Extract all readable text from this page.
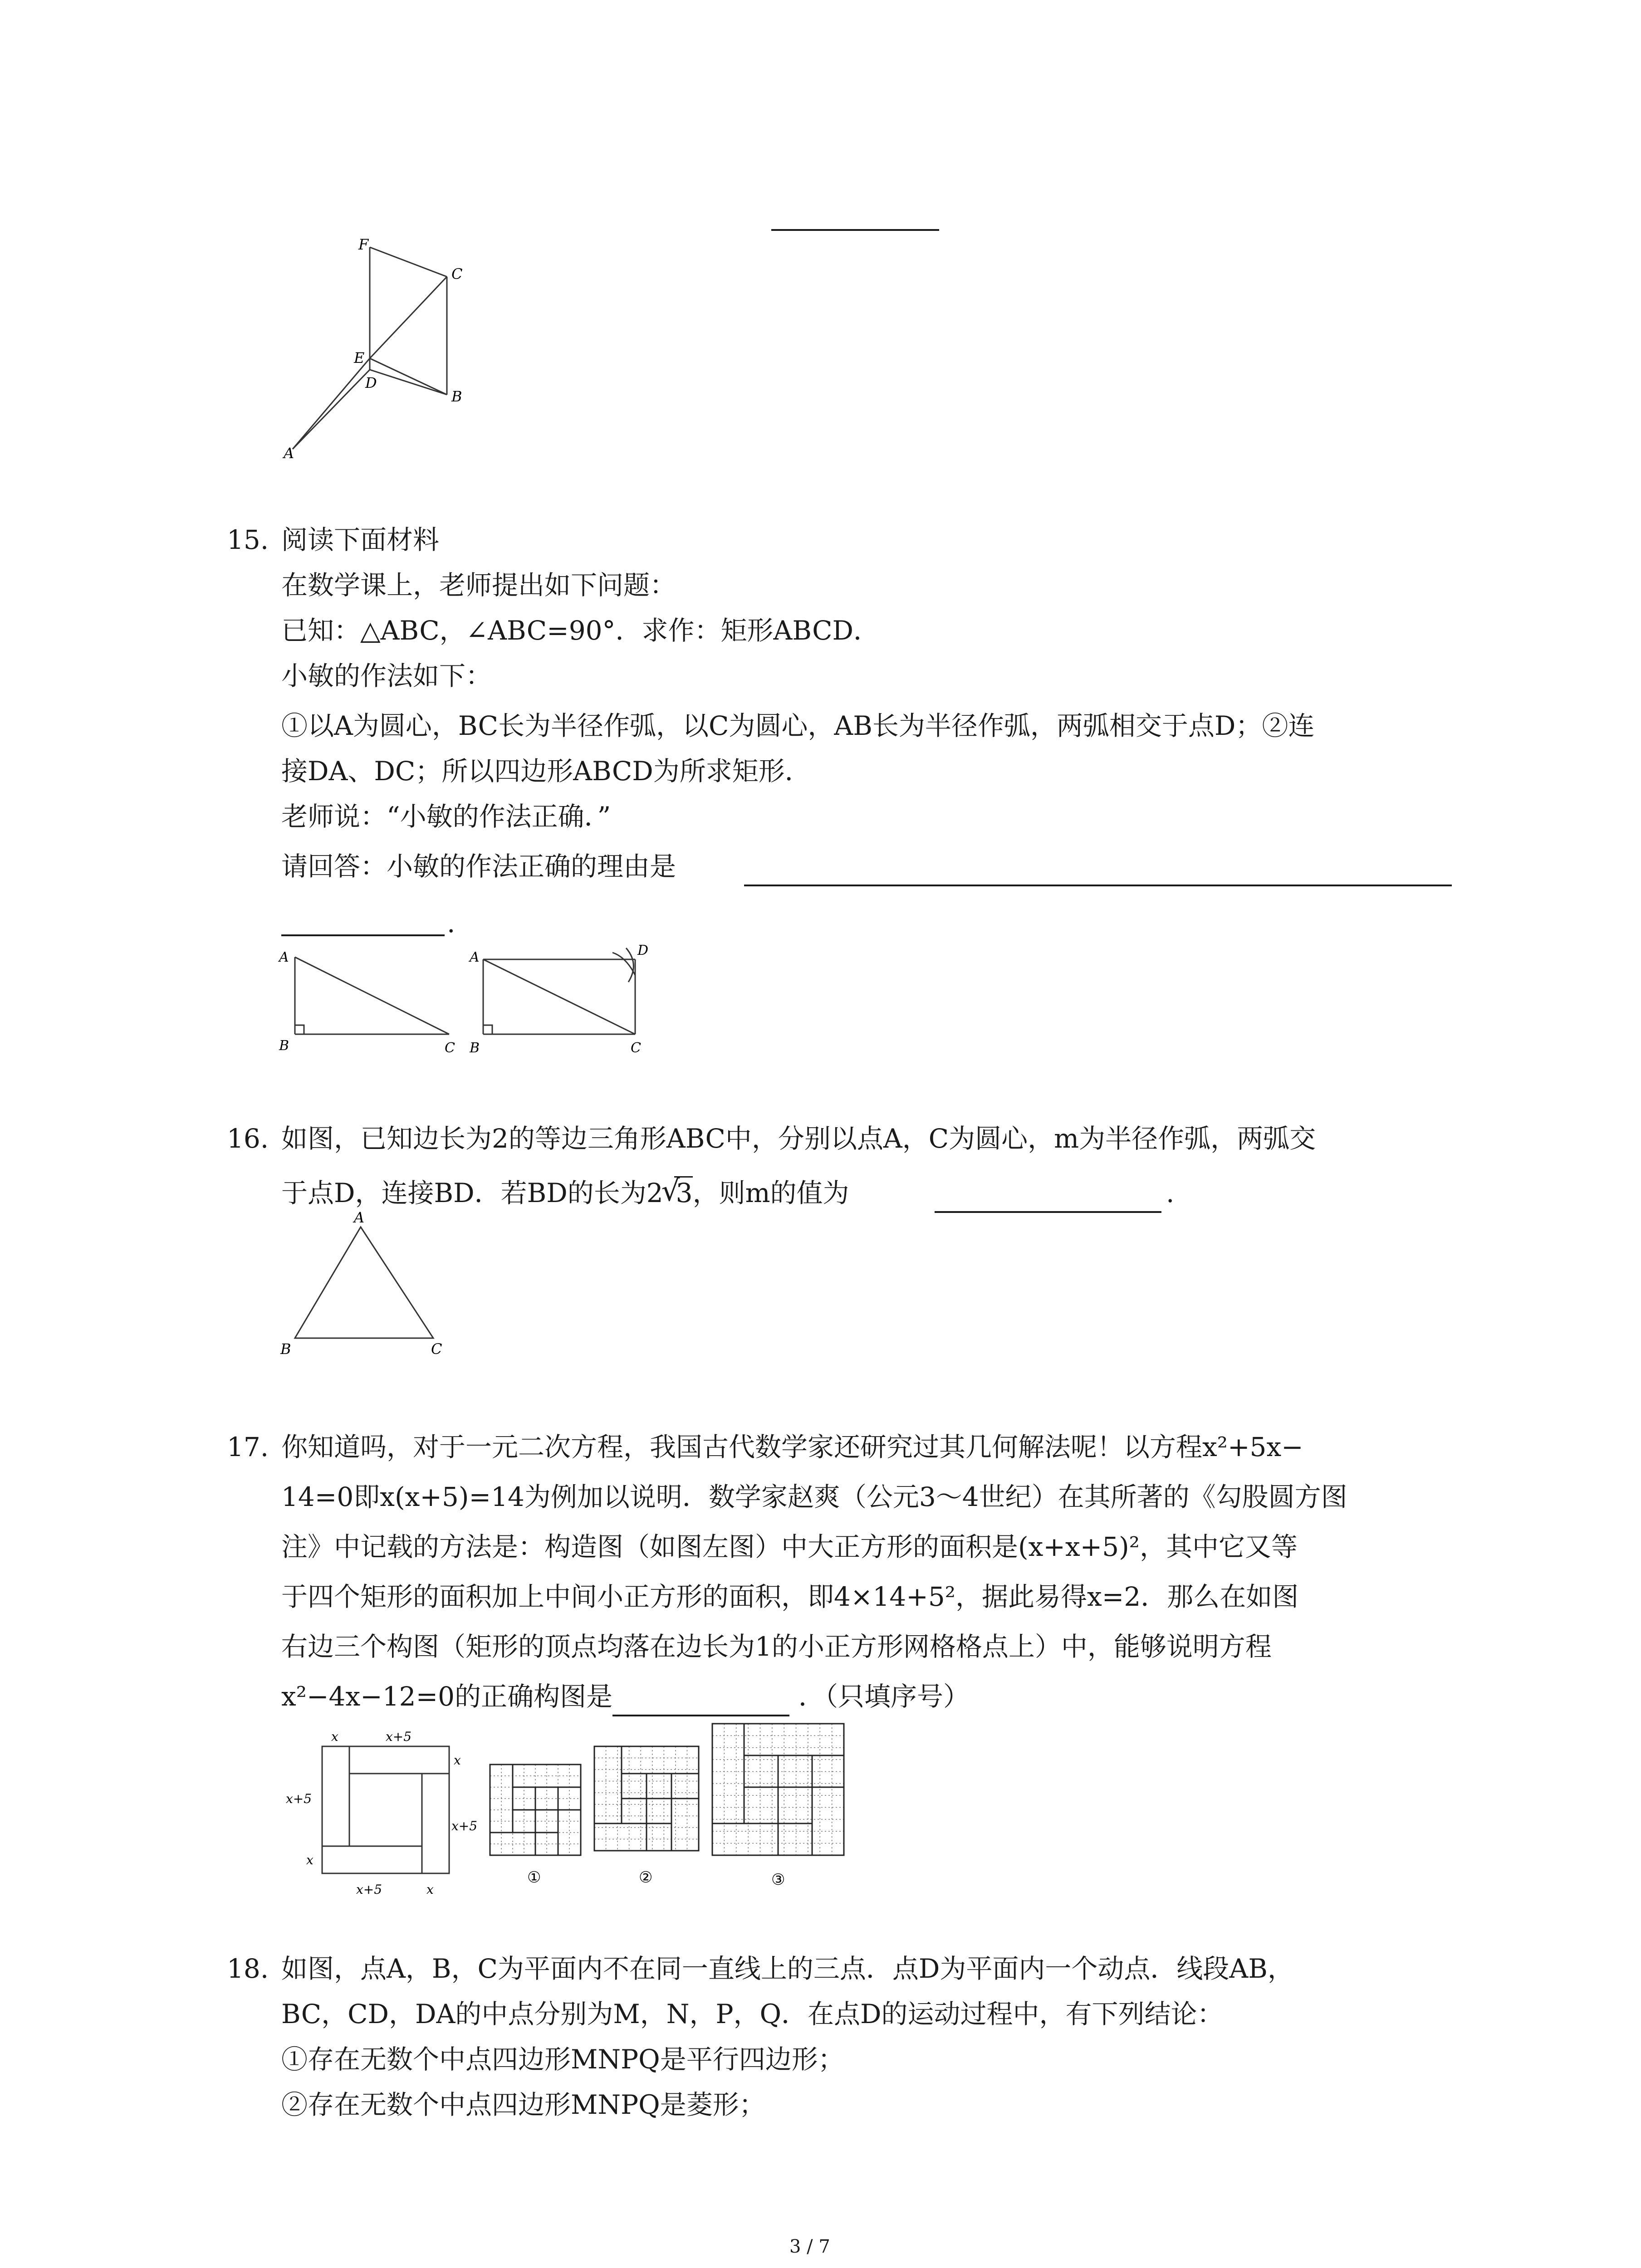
F
C
E
B
D
A
15. 阅读下面材料
在数学课上，老师提出如下问题：
已知：△ABC，∠ABC=90°．求作：矩形ABCD．
小敏的作法如下：
①以A为圆心，BC长为半径作弧，以C为圆心，AB长为半径作弧，两弧相交于点D；②连
接DA、DC；所以四边形ABCD为所求矩形．
老师说：“小敏的作法正确．”
请回答：小敏的作法正确的理由是
.
A
B	C
A	D
B	C
16. 如图，已知边长为2的等边三角形ABC中，分别以点A，C为圆心，m为半径作弧，两弧交
于点D，连接BD．若BD的长为2
√
3，则m的值为	.
A
B	C
17. 你知道吗，对于一元二次方程，我国古代数学家还研究过其几何解法呢！以方程x²+5x−
14=0即x(x+5)=14为例加以说明．数学家赵爽（公元3～4世纪）在其所著的《勾股圆方图
注》中记载的方法是：构造图（如图左图）中大正方形的面积是(x+x+5)²，其中它又等
于四个矩形的面积加上中间小正方形的面积，即4×14+5²，据此易得x=2．那么在如图
右边三个构图（矩形的顶点均落在边长为1的小正方形网格格点上）中，能够说明方程
x²−4x−12=0的正确构图是	．（只填序号）
x	x+5
x+5
x
x+5
x
x+5	x
①	②	③
18. 如图，点A，B，C为平面内不在同一直线上的三点．点D为平面内一个动点．线段AB，
BC，CD，DA的中点分别为M，N，P，Q．在点D的运动过程中，有下列结论：
①存在无数个中点四边形MNPQ是平行四边形；
②存在无数个中点四边形MNPQ是菱形；
3 / 7
